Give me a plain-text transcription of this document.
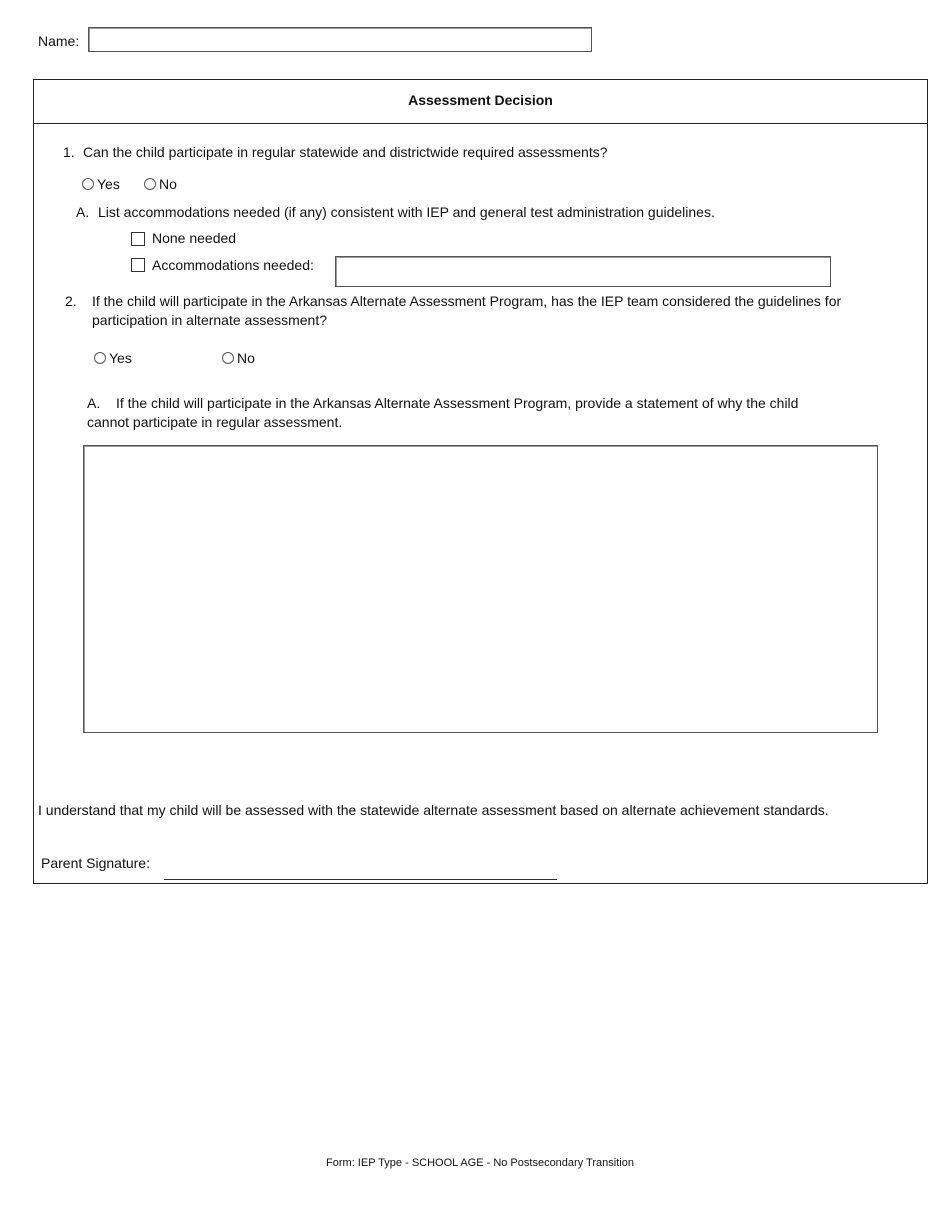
Name:
Assessment Decision
1. Can the child participate in regular statewide and districtwide required assessments?
Yes	No
A. List accommodations needed (if any) consistent with IEP and general test administration guidelines.
None needed
Accommodations needed:
2. If the child will participate in the Arkansas Alternate Assessment Program, has the IEP team considered the guidelines for
participation in alternate assessment?
Yes	No
A. If the child will participate in the Arkansas Alternate Assessment Program, provide a statement of why the child
cannot participate in regular assessment.
I understand that my child will be assessed with the statewide alternate assessment based on alternate achievement standards.
Parent Signature:
Form: IEP Type - SCHOOL AGE - No Postsecondary Transition
